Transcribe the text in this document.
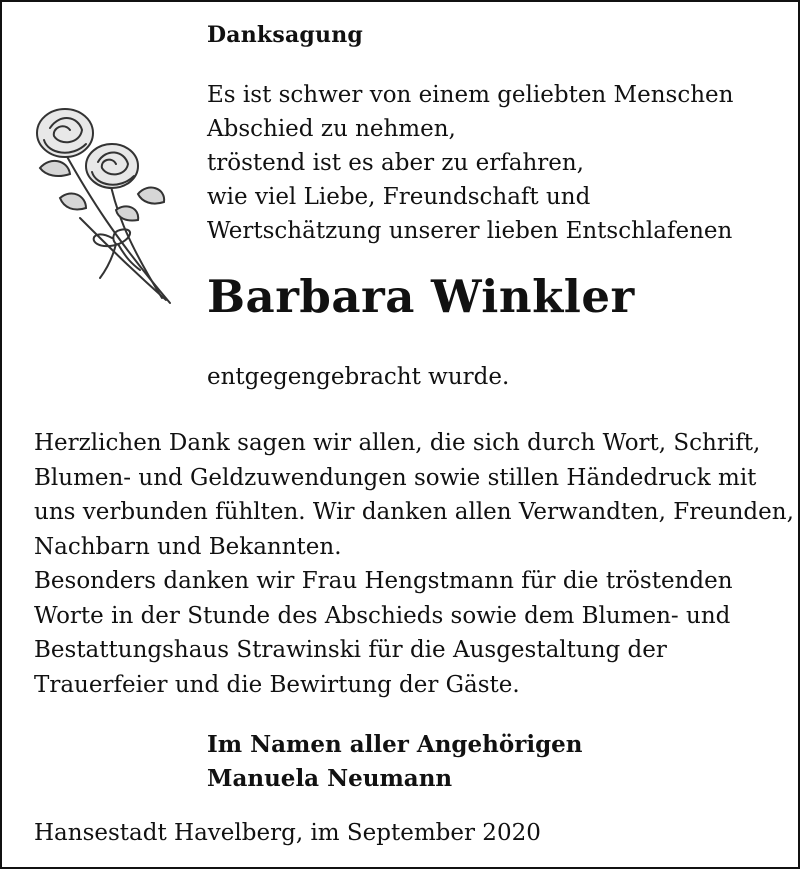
Danksagung
Es ist schwer von einem geliebten Menschen
Abschied zu nehmen,
tröstend ist es aber zu erfahren,
wie viel Liebe, Freundschaft und
Wertschätzung unserer lieben Entschlafenen
Barbara Winkler
entgegengebracht wurde.
Herzlichen Dank sagen wir allen, die sich durch Wort, Schrift,
Blumen- und Geldzuwendungen sowie stillen Händedruck mit
uns verbunden fühlten. Wir danken allen Verwandten, Freunden,
Nachbarn und Bekannten.
Besonders danken wir Frau Hengstmann für die tröstenden
Worte in der Stunde des Abschieds sowie dem Blumen- und
Bestattungshaus Strawinski für die Ausgestaltung der
Trauerfeier und die Bewirtung der Gäste.
Im Namen aller Angehörigen
Manuela Neumann
Hansestadt Havelberg, im September 2020
